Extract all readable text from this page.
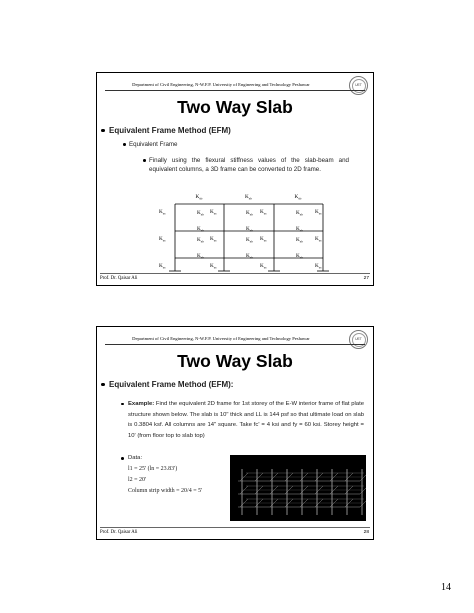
Department of Civil Engineering, N-W.F.P. University of Engineering and Technology Peshawar	UET
Two Way Slab
Equivalent Frame Method (EFM)
Equivalent Frame
Finally using the flexural stiffness values of the slab-beam and equivalent columns, a 3D frame can be converted to 2D frame.
$K_{sb}$	$K_{sb}$	$K_{sb}$
$K_{sb}$	$K_{sb}$	$K_{sb}$
$K_{sb}$	$K_{sb}$	$K_{sb}$
$K_{sb}$	$K_{sb}$	$K_{sb}$
$K_{sb}$	$K_{sb}$	$K_{sb}$
$K_{ec}$	$K_{ec}$	$K_{ec}$	$K_{ec}$
$K_{ec}$	$K_{ec}$	$K_{ec}$	$K_{ec}$
$K_{ec}$	$K_{ec}$	$K_{ec}$	$K_{ec}$
Prof. Dr. Qaisar Ali	27
Department of Civil Engineering, N-W.F.P. University of Engineering and Technology Peshawar	UET
Two Way Slab
Equivalent Frame Method (EFM):
Example: Find the equivalent 2D frame for 1st storey of the E-W interior frame of flat plate structure shown below. The slab is 10" thick and LL is 144 psf so that ultimate load on slab is 0.3804 ksf. All columns are 14" square. Take fc' = 4 ksi and fy = 60 ksi. Storey height = 10' (from floor top to slab top)
Data:
l1 = 25' (ln = 23.83')
l2 = 20'
Column strip width = 20/4 = 5'
Prof. Dr. Qaisar Ali	28
14
